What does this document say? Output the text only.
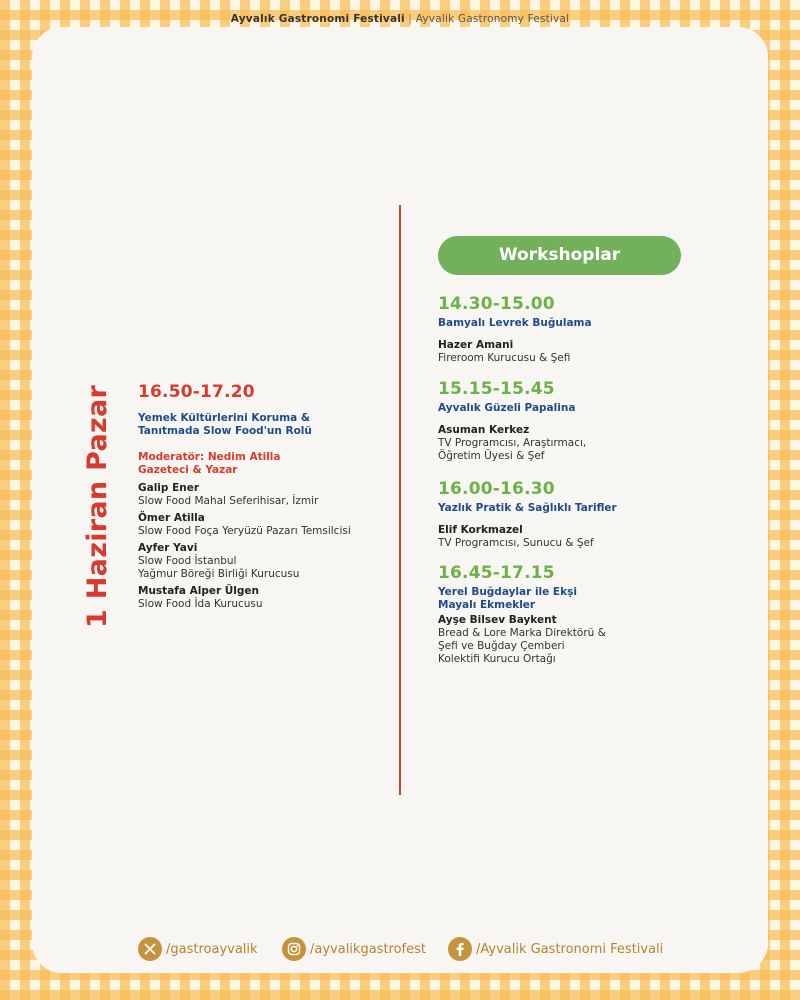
Ayvalık Gastronomi Festivali | Ayvalik Gastronomy Festival
1 Haziran Pazar 16.50-17.20
Yemek Kültürlerini Koruma &
Tanıtmada Slow Food'un Rolü
Moderatör: Nedim Atilla
Gazeteci & Yazar
Galip Ener
Slow Food Mahal Seferihisar, İzmir
Ömer Atilla
Slow Food Foça Yeryüzü Pazarı Temsilcisi
Ayfer Yavi
Slow Food İstanbul
Yağmur Böreği Birliği Kurucusu
Mustafa Alper Ülgen
Slow Food İda Kurucusu
Workshoplar
14.30-15.00
Bamyalı Levrek Buğulama
Hazer Amani
Fireroom Kurucusu & Şefi
15.15-15.45
Ayvalık Güzeli Papalina
Asuman Kerkez
TV Programcısı, Araştırmacı,
Öğretim Üyesi & Şef
16.00-16.30
Yazlık Pratik & Sağlıklı Tarifler
Elif Korkmazel
TV Programcısı, Sunucu & Şef
16.45-17.15
Yerel Buğdaylar ile Ekşi
Mayalı Ekmekler
Ayşe Bilsev Baykent
Bread & Lore Marka Direktörü &
Şefi ve Buğday Çemberi
Kolektifi Kurucu Ortağı
/gastroayvalik	/ayvalikgastrofest	/Ayvalik Gastronomi Festivali
